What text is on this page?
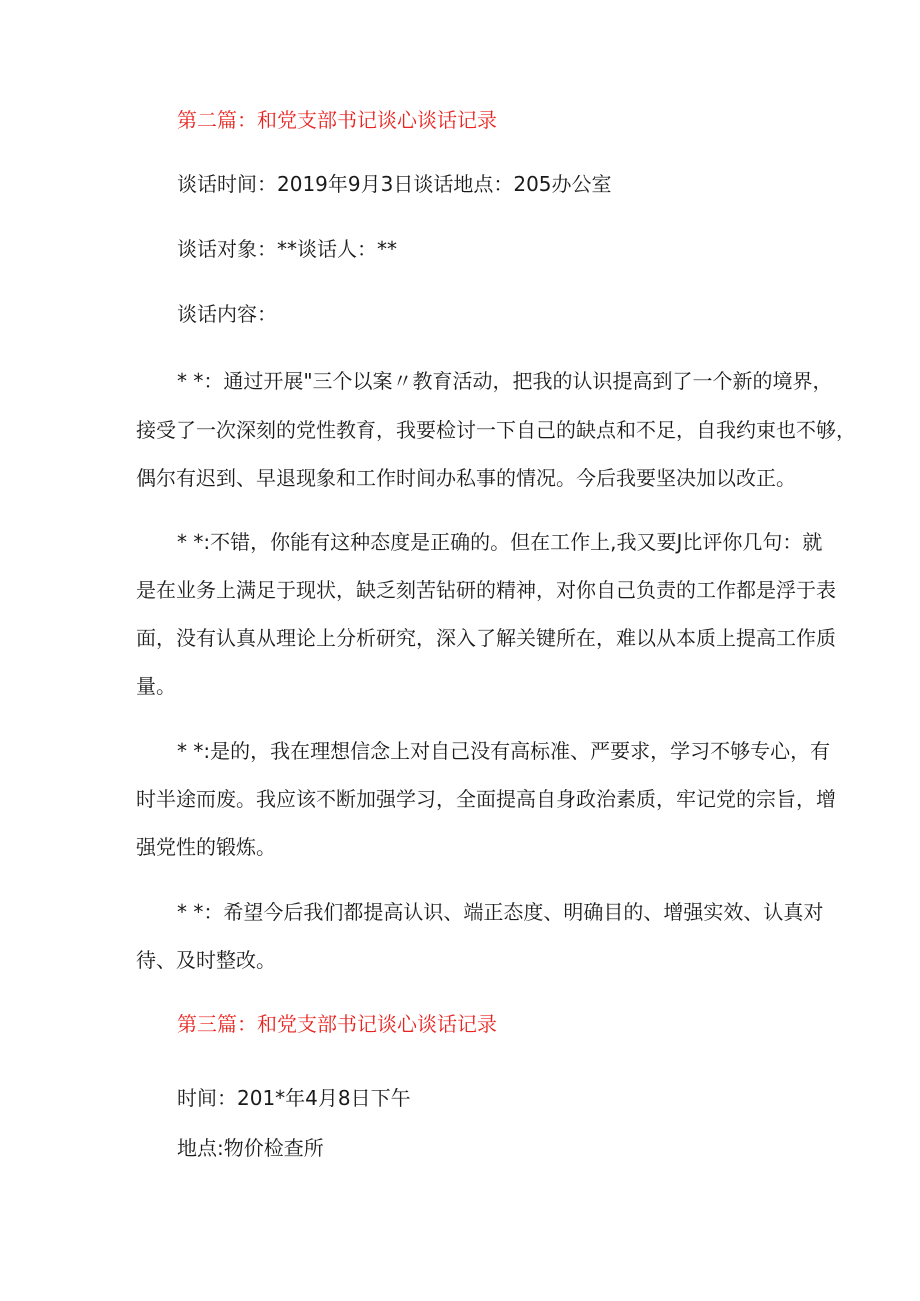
第二篇：和党支部书记谈心谈话记录
谈话时间：2019年9月3日谈话地点：205办公室
谈话对象：**谈话人：**
谈话内容：
* *：通过开展"三个以案〃教育活动，把我的认识提高到了一个新的境界，
接受了一次深刻的党性教育，我要检讨一下自己的缺点和不足，自我约束也不够，
偶尔有迟到、早退现象和工作时间办私事的情况。今后我要坚决加以改正。
* *:不错，你能有这种态度是正确的。但在工作上,我又要J比评你几句：就
是在业务上满足于现状，缺乏刻苦钻研的精神，对你自己负责的工作都是浮于表
面，没有认真从理论上分析研究，深入了解关键所在，难以从本质上提高工作质
量。
* *:是的，我在理想信念上对自己没有高标准、严要求，学习不够专心，有
时半途而废。我应该不断加强学习，全面提高自身政治素质，牢记党的宗旨，增
强党性的锻炼。
* *：希望今后我们都提高认识、端正态度、明确目的、增强实效、认真对
待、及时整改。
第三篇：和党支部书记谈心谈话记录
时间：201*年4月8日下午
地点:物价检查所
